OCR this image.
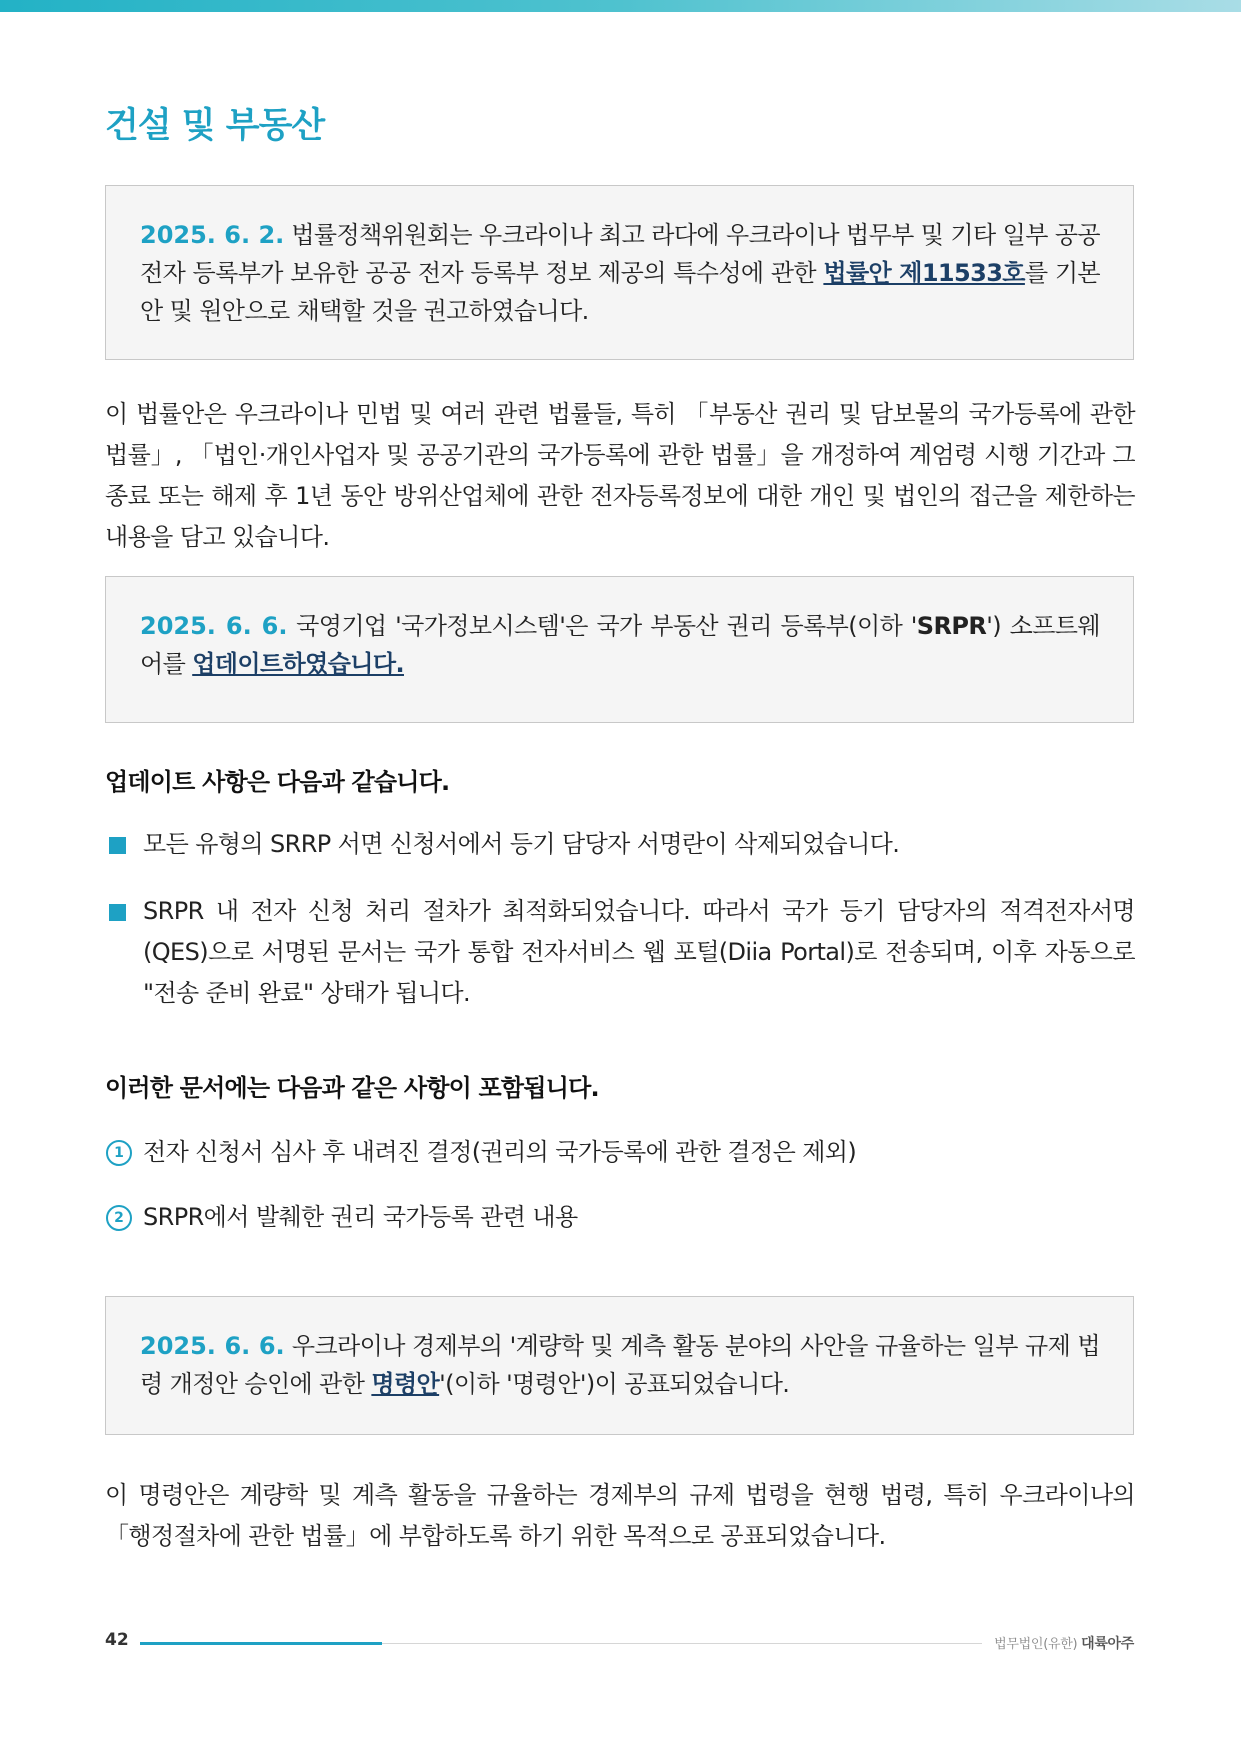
건설 및 부동산

2025. 6. 2. 법률정책위원회는 우크라이나 최고 라다에 우크라이나 법무부 및 기타 일부 공공 전자 등록부가 보유한 공공 전자 등록부 정보 제공의 특수성에 관한 법률안 제11533호를 기본안 및 원안으로 채택할 것을 권고하였습니다.

이 법률안은 우크라이나 민법 및 여러 관련 법률들, 특히 「부동산 권리 및 담보물의 국가등록에 관한 법률」, 「법인·개인사업자 및 공공기관의 국가등록에 관한 법률」을 개정하여 계엄령 시행 기간과 그 종료 또는 해제 후 1년 동안 방위산업체에 관한 전자등록정보에 대한 개인 및 법인의 접근을 제한하는 내용을 담고 있습니다.

2025. 6. 6. 국영기업 '국가정보시스템'은 국가 부동산 권리 등록부(이하 'SRPR') 소프트웨어를 업데이트하였습니다.

업데이트 사항은 다음과 같습니다.

모든 유형의 SRRP 서면 신청서에서 등기 담당자 서명란이 삭제되었습니다.
SRPR 내 전자 신청 처리 절차가 최적화되었습니다. 따라서 국가 등기 담당자의 적격전자서명(QES)으로 서명된 문서는 국가 통합 전자서비스 웹 포털(Diia Portal)로 전송되며, 이후 자동으로 "전송 준비 완료" 상태가 됩니다.

이러한 문서에는 다음과 같은 사항이 포함됩니다.

1 전자 신청서 심사 후 내려진 결정(권리의 국가등록에 관한 결정은 제외)
2 SRPR에서 발췌한 권리 국가등록 관련 내용

2025. 6. 6. 우크라이나 경제부의 '계량학 및 계측 활동 분야의 사안을 규율하는 일부 규제 법령 개정안 승인에 관한 명령안'(이하 '명령안')이 공표되었습니다.

이 명령안은 계량학 및 계측 활동을 규율하는 경제부의 규제 법령을 현행 법령, 특히 우크라이나의 「행정절차에 관한 법률」에 부합하도록 하기 위한 목적으로 공표되었습니다.

42	법무법인(유한) 대륙아주
